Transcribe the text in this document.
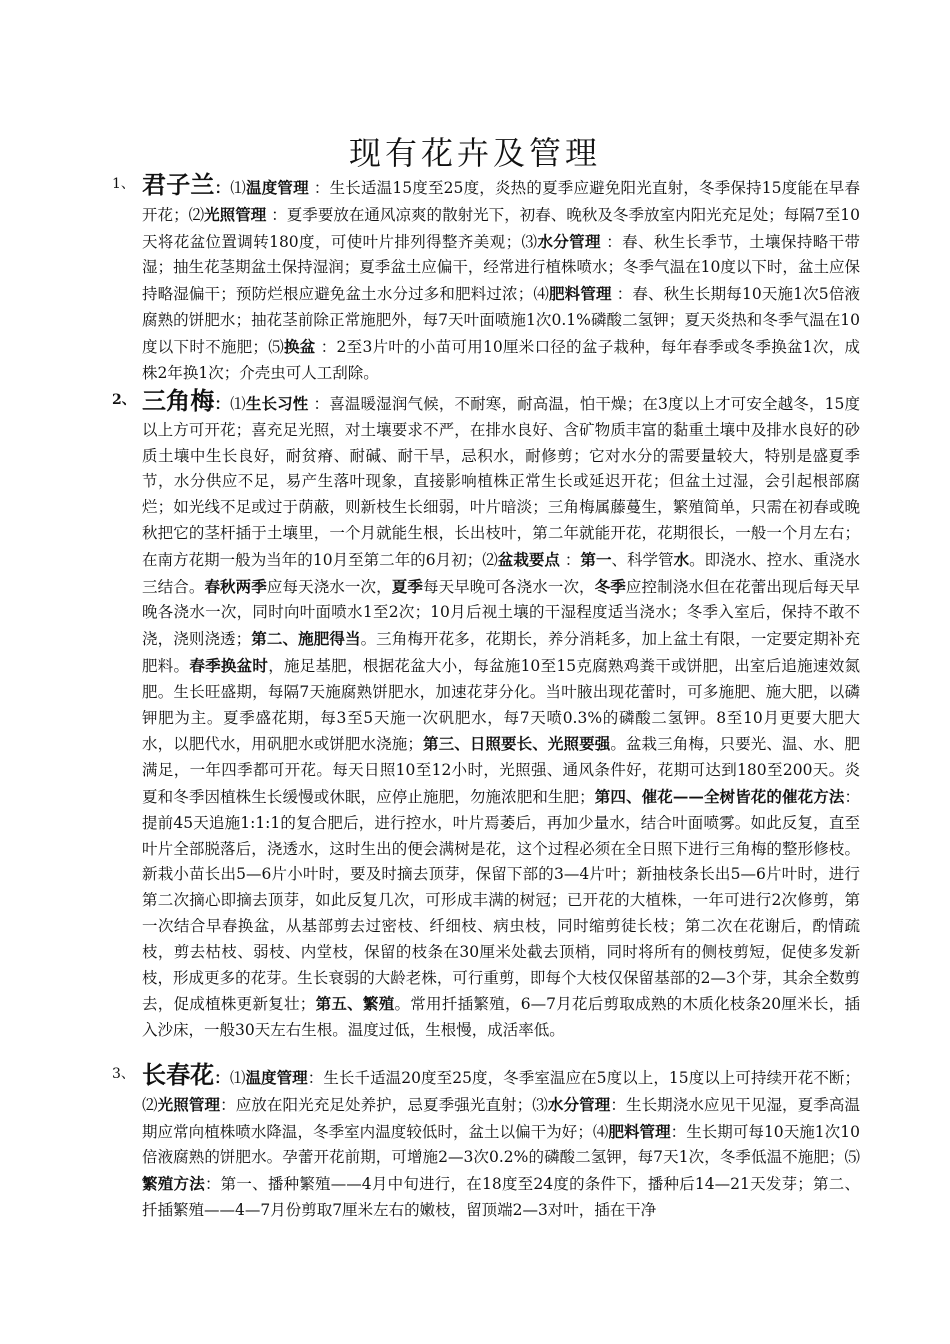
现有花卉及管理
1、 君子兰：⑴温度管理 ：生长适温15度至25度，炎热的夏季应避免阳光直射，冬季保持15度能在早春开花；⑵光照管理 ：夏季要放在通风凉爽的散射光下，初春、晚秋及冬季放室内阳光充足处；每隔7至10天将花盆位置调转180度，可使叶片排列得整齐美观；⑶水分管理 ：春、秋生长季节，土壤保持略干带湿；抽生花茎期盆土保持湿润；夏季盆土应偏干，经常进行植株喷水；冬季气温在10度以下时，盆土应保持略湿偏干；预防烂根应避免盆土水分过多和肥料过浓；⑷肥料管理 ：春、秋生长期每10天施1次5倍液腐熟的饼肥水；抽花茎前除正常施肥外，每7天叶面喷施1次0.1%磷酸二氢钾；夏天炎热和冬季气温在10度以下时不施肥；⑸换盆 ：2至3片叶的小苗可用10厘米口径的盆子栽种，每年春季或冬季换盆1次，成株2年换1次；介壳虫可人工刮除。
2、 三角梅：⑴生长习性 ：喜温暖湿润气候，不耐寒，耐高温，怕干燥；在3度以上才可安全越冬，15度以上方可开花；喜充足光照，对土壤要求不严，在排水良好、含矿物质丰富的黏重土壤中及排水良好的砂质土壤中生长良好，耐贫瘠、耐碱、耐干旱，忌积水，耐修剪；它对水分的需要量较大，特别是盛夏季节，水分供应不足，易产生落叶现象，直接影响植株正常生长或延迟开花；但盆土过湿，会引起根部腐烂；如光线不足或过于荫蔽，则新枝生长细弱，叶片暗淡；三角梅属藤蔓生，繁殖简单，只需在初春或晚秋把它的茎杆插于土壤里，一个月就能生根，长出枝叶，第二年就能开花，花期很长，一般一个月左右；在南方花期一般为当年的10月至第二年的6月初；⑵盆栽要点 ：第一、科学管水。即浇水、控水、重浇水三结合。春秋两季应每天浇水一次，夏季每天早晚可各浇水一次，冬季应控制浇水但在花蕾出现后每天早晚各浇水一次，同时向叶面喷水1至2次；10月后视土壤的干湿程度适当浇水；冬季入室后，保持不敢不浇，浇则浇透；第二、施肥得当。三角梅开花多，花期长，养分消耗多，加上盆土有限，一定要定期补充肥料。春季换盆时，施足基肥，根据花盆大小，每盆施10至15克腐熟鸡粪干或饼肥，出室后追施速效氮肥。生长旺盛期，每隔7天施腐熟饼肥水，加速花芽分化。当叶腋出现花蕾时，可多施肥、施大肥，以磷钾肥为主。夏季盛花期，每3至5天施一次矾肥水，每7天喷0.3%的磷酸二氢钾。8至10月更要大肥大水，以肥代水，用矾肥水或饼肥水浇施；第三、日照要长、光照要强。盆栽三角梅，只要光、温、水、肥满足，一年四季都可开花。每天日照10至12小时，光照强、通风条件好，花期可达到180至200天。炎夏和冬季因植株生长缓慢或休眠，应停止施肥，勿施浓肥和生肥；第四、催花——全树皆花的催花方法：提前45天追施1:1:1的复合肥后，进行控水，叶片焉萎后，再加少量水，结合叶面喷雾。如此反复，直至叶片全部脱落后，浇透水，这时生出的便会满树是花，这个过程必须在全日照下进行三角梅的整形修枝。新栽小苗长出5—6片小叶时，要及时摘去顶芽，保留下部的3—4片叶；新抽枝条长出5—6片叶时，进行第二次摘心即摘去顶芽，如此反复几次，可形成丰满的树冠；已开花的大植株，一年可进行2次修剪，第一次结合早春换盆，从基部剪去过密枝、纤细枝、病虫枝，同时缩剪徒长枝；第二次在花谢后，酌情疏枝，剪去枯枝、弱枝、内堂枝，保留的枝条在30厘米处截去顶梢，同时将所有的侧枝剪短，促使多发新枝，形成更多的花芽。生长衰弱的大龄老株，可行重剪，即每个大枝仅保留基部的2—3个芽，其余全数剪去，促成植株更新复壮；第五、繁殖。常用扦插繁殖，6—7月花后剪取成熟的木质化枝条20厘米长，插入沙床，一般30天左右生根。温度过低，生根慢，成活率低。
3、 长春花：⑴温度管理：生长千适温20度至25度，冬季室温应在5度以上，15度以上可持续开花不断；⑵光照管理：应放在阳光充足处养护，忌夏季强光直射；⑶水分管理：生长期浇水应见干见湿，夏季高温期应常向植株喷水降温，冬季室内温度较低时，盆土以偏干为好；⑷肥料管理：生长期可每10天施1次10倍液腐熟的饼肥水。孕蕾开花前期，可增施2—3次0.2%的磷酸二氢钾，每7天1次，冬季低温不施肥；⑸繁殖方法：第一、播种繁殖——4月中旬进行，在18度至24度的条件下，播种后14—21天发芽；第二、扦插繁殖——4—7月份剪取7厘米左右的嫩枝，留顶端2—3对叶，插在干净
